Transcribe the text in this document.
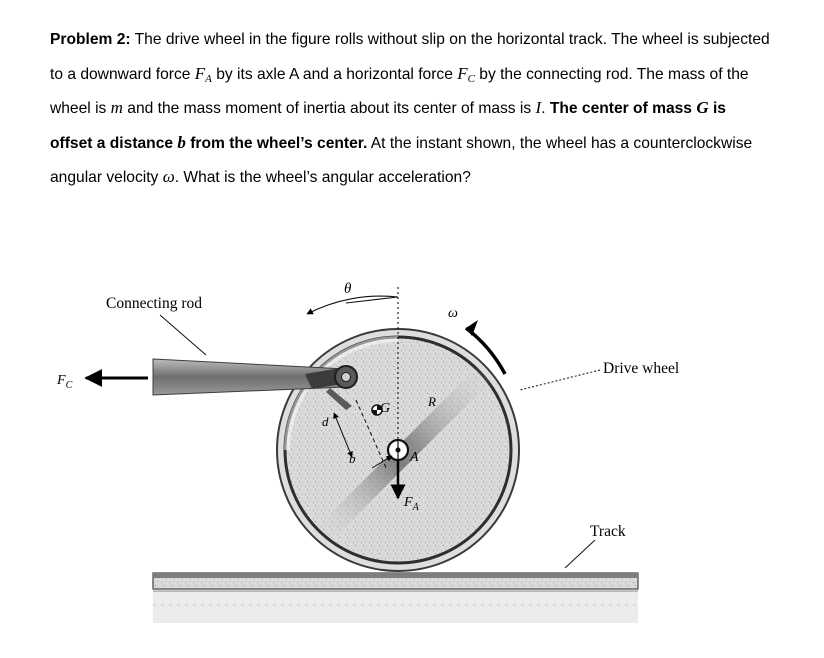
Problem 2: The drive wheel in the figure rolls without slip on the horizontal track. The wheel is subjected to a downward force $F_A$ by its axle A and a horizontal force $F_C$ by the connecting rod. The mass of the wheel is m and the mass moment of inertia about its center of mass is I. The center of mass G is offset a distance b from the wheel’s center. At the instant shown, the wheel has a counterclockwise angular velocity ω. What is the wheel’s angular acceleration?

Connecting rod
Drive wheel
Track
θ
ω
$F_C$
$F_A$
G
A
R
d
b
